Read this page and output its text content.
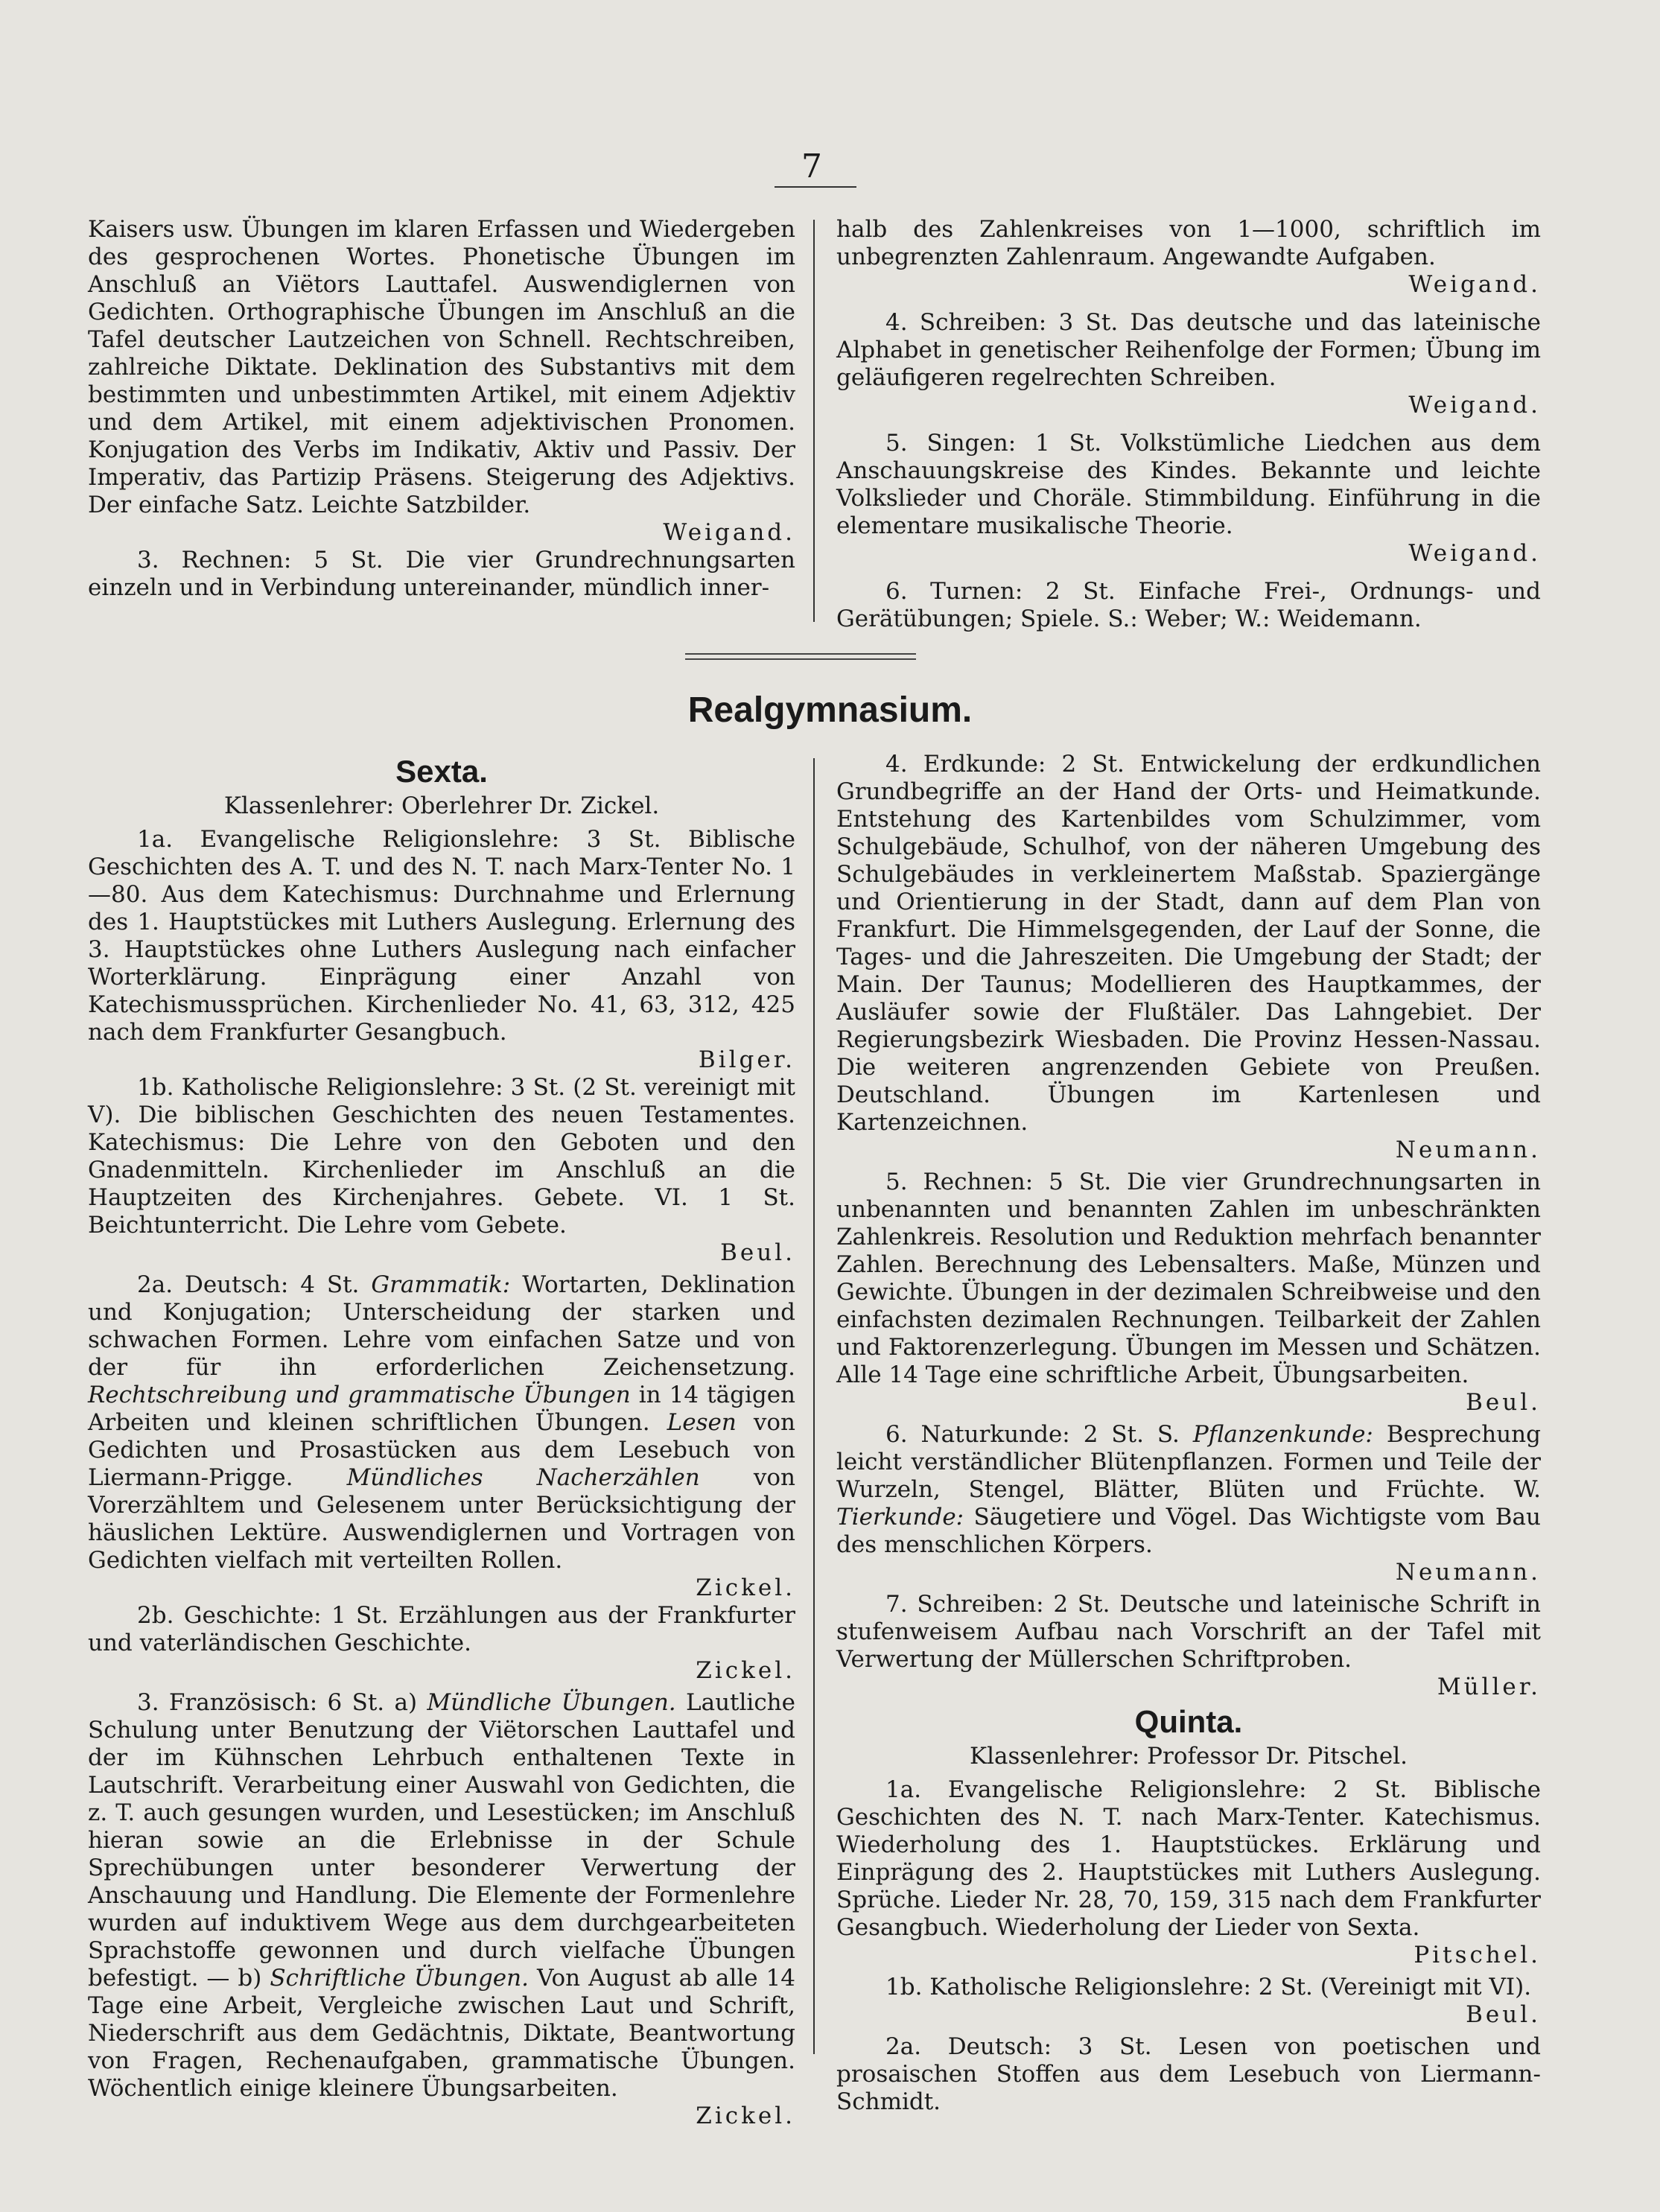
7

Kaisers usw. Übungen im klaren Erfassen und Wiedergeben des gesprochenen Wortes. Phonetische Übungen im Anschluß an Viëtors Lauttafel. Auswendiglernen von Gedichten. Orthographische Übungen im Anschluß an die Tafel deutscher Lautzeichen von Schnell. Rechtschreiben, zahlreiche Diktate. Deklination des Substantivs mit dem bestimmten und unbestimmten Artikel, mit einem Adjektiv und dem Artikel, mit einem adjektivischen Pronomen. Konjugation des Verbs im Indikativ, Aktiv und Passiv. Der Imperativ, das Partizip Präsens. Steigerung des Adjektivs. Der einfache Satz. Leichte Satzbilder.

Weigand.

3. Rechnen: 5 St. Die vier Grundrechnungsarten einzeln und in Verbindung untereinander, mündlich inner-

halb des Zahlenkreises von 1—1000, schriftlich im unbegrenzten Zahlenraum. Angewandte Aufgaben.

Weigand.

4. Schreiben: 3 St. Das deutsche und das lateinische Alphabet in genetischer Reihenfolge der Formen; Übung im geläufigeren regelrechten Schreiben.

Weigand.

5. Singen: 1 St. Volkstümliche Liedchen aus dem Anschauungskreise des Kindes. Bekannte und leichte Volkslieder und Choräle. Stimmbildung. Einführung in die elementare musikalische Theorie.

Weigand.

6. Turnen: 2 St. Einfache Frei-, Ordnungs- und Gerätübungen; Spiele. S.: Weber; W.: Weidemann.

Realgymnasium.
Sexta.

Klassenlehrer: Oberlehrer Dr. Zickel.

1a. Evangelische Religionslehre: 3 St. Biblische Geschichten des A. T. und des N. T. nach Marx-Tenter No. 1—80. Aus dem Katechismus: Durchnahme und Erlernung des 1. Hauptstückes mit Luthers Auslegung. Erlernung des 3. Hauptstückes ohne Luthers Auslegung nach einfacher Worterklärung. Einprägung einer Anzahl von Katechismussprüchen. Kirchenlieder No. 41, 63, 312, 425 nach dem Frankfurter Gesangbuch.

Bilger.

1b. Katholische Religionslehre: 3 St. (2 St. vereinigt mit V). Die biblischen Geschichten des neuen Testamentes. Katechismus: Die Lehre von den Geboten und den Gnadenmitteln. Kirchenlieder im Anschluß an die Hauptzeiten des Kirchenjahres. Gebete. VI. 1 St. Beichtunterricht. Die Lehre vom Gebete.

Beul.

2a. Deutsch: 4 St. Grammatik: Wortarten, Deklination und Konjugation; Unterscheidung der starken und schwachen Formen. Lehre vom einfachen Satze und von der für ihn erforderlichen Zeichensetzung. Rechtschreibung und grammatische Übungen in 14 tägigen Arbeiten und kleinen schriftlichen Übungen. Lesen von Gedichten und Prosastücken aus dem Lesebuch von Liermann-Prigge. Mündliches Nacherzählen von Vorerzähltem und Gelesenem unter Berücksichtigung der häuslichen Lektüre. Auswendiglernen und Vortragen von Gedichten vielfach mit verteilten Rollen.

Zickel.

2b. Geschichte: 1 St. Erzählungen aus der Frankfurter und vaterländischen Geschichte.

Zickel.

3. Französisch: 6 St. a) Mündliche Übungen. Lautliche Schulung unter Benutzung der Viëtorschen Lauttafel und der im Kühnschen Lehrbuch enthaltenen Texte in Lautschrift. Verarbeitung einer Auswahl von Gedichten, die z. T. auch gesungen wurden, und Lesestücken; im Anschluß hieran sowie an die Erlebnisse in der Schule Sprechübungen unter besonderer Verwertung der Anschauung und Handlung. Die Elemente der Formenlehre wurden auf induktivem Wege aus dem durchgearbeiteten Sprachstoffe gewonnen und durch vielfache Übungen befestigt. — b) Schriftliche Übungen. Von August ab alle 14 Tage eine Arbeit, Vergleiche zwischen Laut und Schrift, Niederschrift aus dem Gedächtnis, Diktate, Beantwortung von Fragen, Rechenaufgaben, grammatische Übungen. Wöchentlich einige kleinere Übungsarbeiten.

Zickel.

4. Erdkunde: 2 St. Entwickelung der erdkundlichen Grundbegriffe an der Hand der Orts- und Heimatkunde. Entstehung des Kartenbildes vom Schulzimmer, vom Schulgebäude, Schulhof, von der näheren Umgebung des Schulgebäudes in verkleinertem Maßstab. Spaziergänge und Orientierung in der Stadt, dann auf dem Plan von Frankfurt. Die Himmelsgegenden, der Lauf der Sonne, die Tages- und die Jahreszeiten. Die Umgebung der Stadt; der Main. Der Taunus; Modellieren des Hauptkammes, der Ausläufer sowie der Flußtäler. Das Lahngebiet. Der Regierungsbezirk Wiesbaden. Die Provinz Hessen-Nassau. Die weiteren angrenzenden Gebiete von Preußen. Deutschland. Übungen im Kartenlesen und Kartenzeichnen.

Neumann.

5. Rechnen: 5 St. Die vier Grundrechnungsarten in unbenannten und benannten Zahlen im unbeschränkten Zahlenkreis. Resolution und Reduktion mehrfach benannter Zahlen. Berechnung des Lebensalters. Maße, Münzen und Gewichte. Übungen in der dezimalen Schreibweise und den einfachsten dezimalen Rechnungen. Teilbarkeit der Zahlen und Faktorenzerlegung. Übungen im Messen und Schätzen. Alle 14 Tage eine schriftliche Arbeit, Übungsarbeiten.

Beul.

6. Naturkunde: 2 St. S. Pflanzenkunde: Besprechung leicht verständlicher Blütenpflanzen. Formen und Teile der Wurzeln, Stengel, Blätter, Blüten und Früchte. W. Tierkunde: Säugetiere und Vögel. Das Wichtigste vom Bau des menschlichen Körpers.

Neumann.

7. Schreiben: 2 St. Deutsche und lateinische Schrift in stufenweisem Aufbau nach Vorschrift an der Tafel mit Verwertung der Müllerschen Schriftproben.

Müller.

Quinta.

Klassenlehrer: Professor Dr. Pitschel.

1a. Evangelische Religionslehre: 2 St. Biblische Geschichten des N. T. nach Marx-Tenter. Katechismus. Wiederholung des 1. Hauptstückes. Erklärung und Einprägung des 2. Hauptstückes mit Luthers Auslegung. Sprüche. Lieder Nr. 28, 70, 159, 315 nach dem Frankfurter Gesangbuch. Wiederholung der Lieder von Sexta.

Pitschel.

1b. Katholische Religionslehre: 2 St. (Vereinigt mit VI).

Beul.

2a. Deutsch: 3 St. Lesen von poetischen und prosaischen Stoffen aus dem Lesebuch von Liermann-Schmidt.
